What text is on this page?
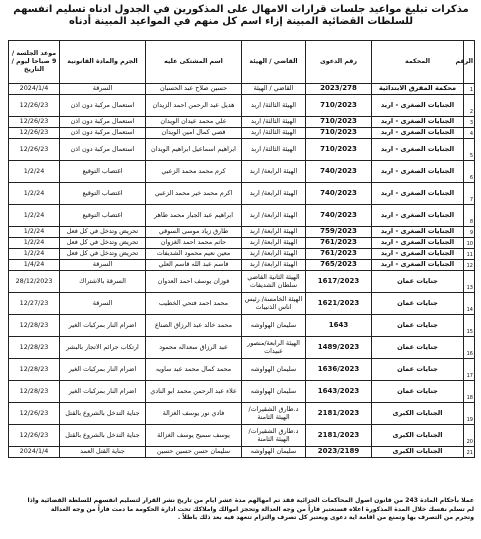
مذكرات تبليغ مواعيد جلسات قرارات الامهال على المذكورين في الجدول ادناه تسليم انفسهم للسلطات القضائية المبينة إزاء اسم كل منهم في المواعيد المبينة أدناه
الرقم	المحكمة	رقم الدعوى	القاضي / الهيئة	اسم المشتكى عليه	الجرم والمادة القانونية	موعد الجلسة / 9 صباحا ليوم / التاريخ
1	محكمة المفرق الابتدائية	2023/278	القاضي / الهيئة	حسين صلاح عبد الحسبان	السرقة	2024/1/4
2	الجنايات الصغرى - اربد	710/2023	الهيئة الثالثة/ اربد	هديل عبد الرحمن احمد الزيدان	استعمال مركبة دون اذن	12/26/23
3	الجنايات الصغرى - اربد	710/2023	الهيئة الثالثة/ اربد	علي محمد عيدان الويدان	استعمال مركبة دون اذن	12/26/23
4	الجنايات الصغرى - اربد	710/2023	الهيئة الثالثة/ اربد	قصي كمال امين الويدان	استعمال مركبة دون اذن	12/26/23
5	الجنايات الصغرى - اربد	710/2023	الهيئة الثالثة/ اربد	ابراهيم اسماعيل ابراهيم الويدان	استعمال مركبة دون اذن	12/26/23
6	الجنايات الصغرى - اربد	740/2023	الهيئة الرابعة/ اربد	كرم محمد محمد الزعبي	اغتصاب التوقيع	1/2/24
7	الجنايات الصغرى - اربد	740/2023	الهيئة الرابعة/ اربد	اكرم محمد خير محمد الزعبي	اغتصاب التوقيع	1/2/24
8	الجنايات الصغرى - اربد	740/2023	الهيئة الرابعة/ اربد	ابراهيم عبد الجبار محمد طاهر	اغتصاب التوقيع	1/2/24
9	الجنايات الصغرى - اربد	759/2023	الهيئة الرابعة/ اربد	طارق زياد موسى السوقي	تحريض وتدخل في كل فعل	1/2/24
10	الجنايات الصغرى - اربد	761/2023	الهيئة الرابعة/ اربد	حاتم محمد احمد الغزوان	تحريض وتدخل في كل فعل	1/2/24
11	الجنايات الصغرى - اربد	761/2023	الهيئة الرابعة/ اربد	معين نعيم محمود الشديفات	تحريض وتدخل في كل فعل	1/2/24
12	الجنايات الصغرى - اربد	765/2023	الهيئة الرابعة/ اربد	قاسم عبد الله قاسم العلي	السرقة	1/4/24
13	جنايات عمان	1617/2023	الهيئة الثانية القاضي سلطان الشديفات	فوزان يوسف احمد العدوان	السرقة بالاشتراك	28/12/2023
14	جنايات عمان	1621/2023	الهيئة الخامسة/ رئيس اناس الذنيبات	محمد احمد فتحي الخطيب	السرقة	12/27/23
15	جنايات عمان	1643	سليمان الهواوشه	محمد خالد عبد الرزاق الصناع	اضرام النار بمركبات الغير	12/28/23
16	جنايات عمان	1489/2023	الهيئة الرابعة/منصور عبيدات	عبد الرزاق سعداله محمود	ارتكاب جرائم الاتجار بالبشر	12/28/23
17	جنايات عمان	1636/2023	سليمان الهواوشه	محمد كمال محمد عبد ساويه	اضرام النار بمركبات الغير	12/28/23
18	جنايات عمان	1643/2023	سليمان الهواوشه	علاء عبد الرحمن محمد ابو النادي	اضرام النار بمركبات الغير	12/28/23
19	الجنايات الكبرى	2181/2023	د.طارق الشقيرات/الهيئة الثامنة	فادي نور يوسف الغزالة	جناية التدخل بالشروع بالقتل	12/26/23
20	الجنايات الكبرى	2181/2023	د.طارق الشقيرات/الهيئة الثامنة	يوسف سميح يوسف الغزالة	جناية التدخل بالشروع بالقتل	12/26/23
21	الجنايات الكبرى	2023/2189	سليمان الهواوشه	سليمان حسن حسين حسين	جناية القتل العمد	2024/1/4
عملا بأحكام المادة 243 من قانون اصول المحاكمات الجزائية فقد تم امهالهم مدة عشر ايام من تاريخ نشر القرار لتسليم انفسهم للسلطة القضائية واذا
لم تسلم نفسك خلال المدة المذكورة اعلاه فستعتبر فاراً من وجه العدالة وتحجز اموالك واملاكك تحت ادارة الحكومة ما دمت فاراً من وجه العدالة
وتحرم من التصرف بها وتمنع من اقامة اية دعوى ويعتبر كل تصرف والتزام تتعهد فيه بعد ذلك باطلاً .
